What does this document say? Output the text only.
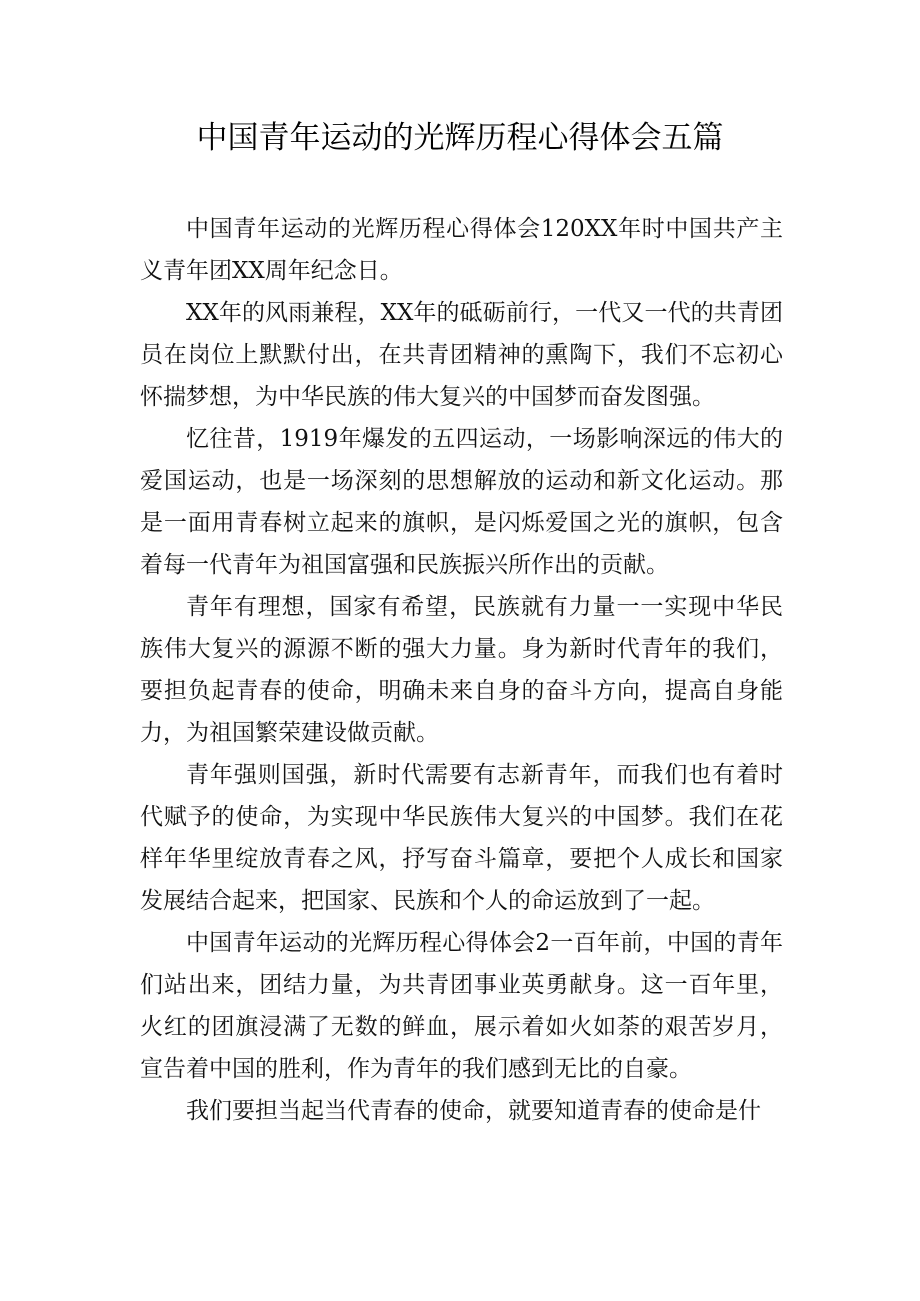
中国青年运动的光辉历程心得体会五篇

中国青年运动的光辉历程心得体会120XX年时中国共产主义青年团XX周年纪念日。

XX年的风雨兼程，XX年的砥砺前行，一代又一代的共青团员在岗位上默默付出，在共青团精神的熏陶下，我们不忘初心怀揣梦想，为中华民族的伟大复兴的中国梦而奋发图强。

忆往昔，1919年爆发的五四运动，一场影响深远的伟大的爱国运动，也是一场深刻的思想解放的运动和新文化运动。那是一面用青春树立起来的旗帜，是闪烁爱国之光的旗帜，包含着每一代青年为祖国富强和民族振兴所作出的贡献。

青年有理想，国家有希望，民族就有力量一一实现中华民族伟大复兴的源源不断的强大力量。身为新时代青年的我们，要担负起青春的使命，明确未来自身的奋斗方向，提高自身能力，为祖国繁荣建设做贡献。

青年强则国强，新时代需要有志新青年，而我们也有着时代赋予的使命，为实现中华民族伟大复兴的中国梦。我们在花样年华里绽放青春之风，抒写奋斗篇章，要把个人成长和国家发展结合起来，把国家、民族和个人的命运放到了一起。

中国青年运动的光辉历程心得体会2一百年前，中国的青年们站出来，团结力量，为共青团事业英勇献身。这一百年里，火红的团旗浸满了无数的鲜血，展示着如火如荼的艰苦岁月，宣告着中国的胜利，作为青年的我们感到无比的自豪。

我们要担当起当代青春的使命，就要知道青春的使命是什
